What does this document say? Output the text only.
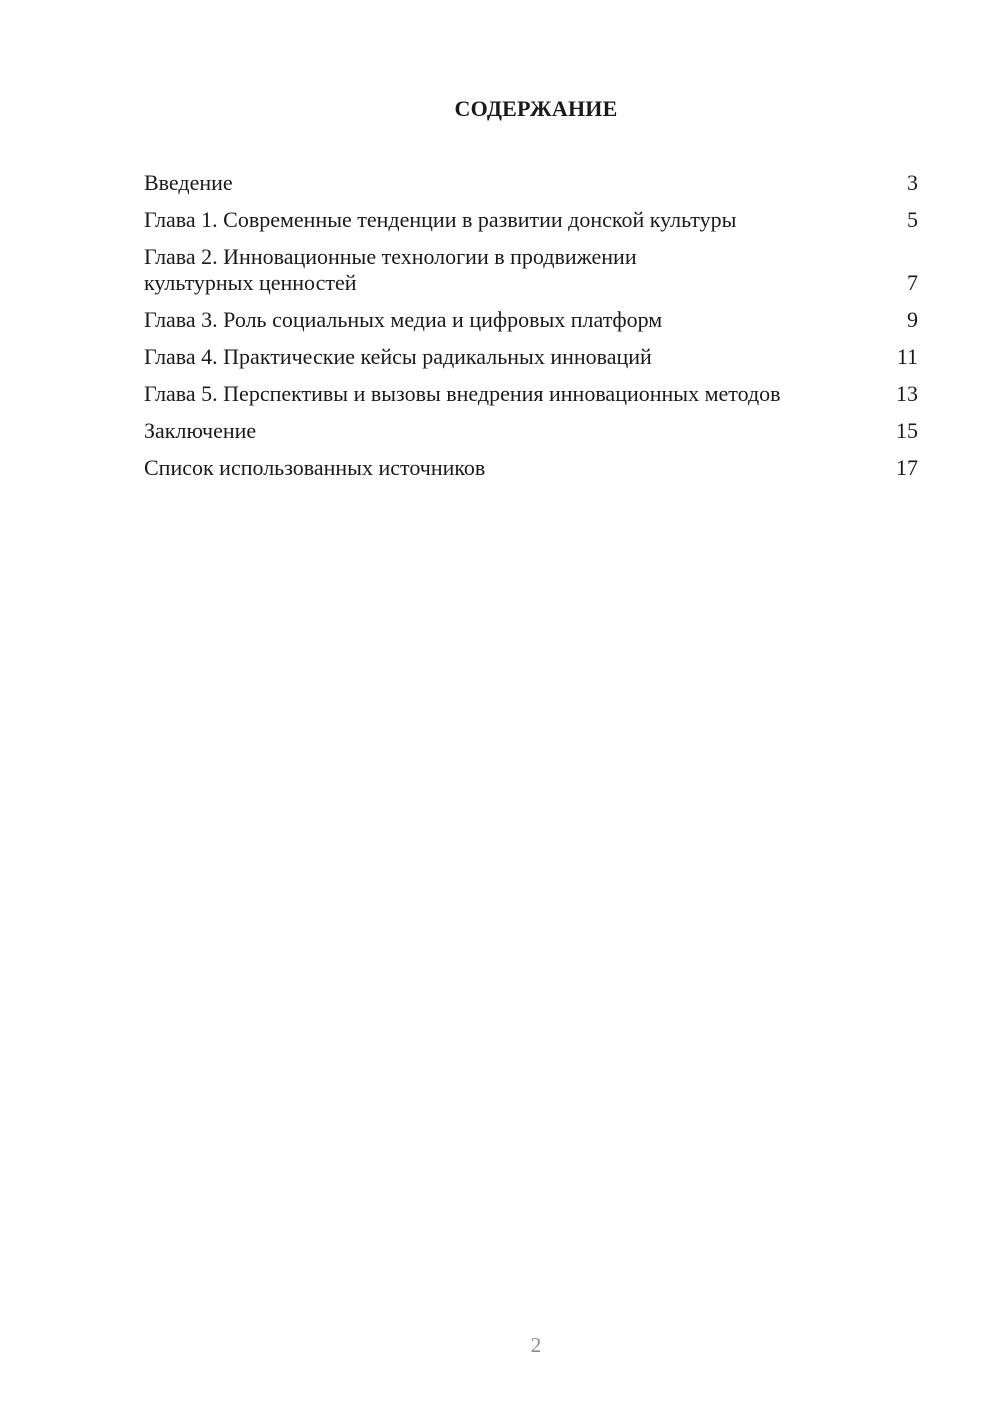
СОДЕРЖАНИЕ
Введение	3
Глава 1. Современные тенденции в развитии донской культуры	5
Глава 2. Инновационные технологии в продвижении культурных ценностей	7
Глава 3. Роль социальных медиа и цифровых платформ	9
Глава 4. Практические кейсы радикальных инноваций	11
Глава 5. Перспективы и вызовы внедрения инновационных методов	13
Заключение	15
Список использованных источников	17
2
